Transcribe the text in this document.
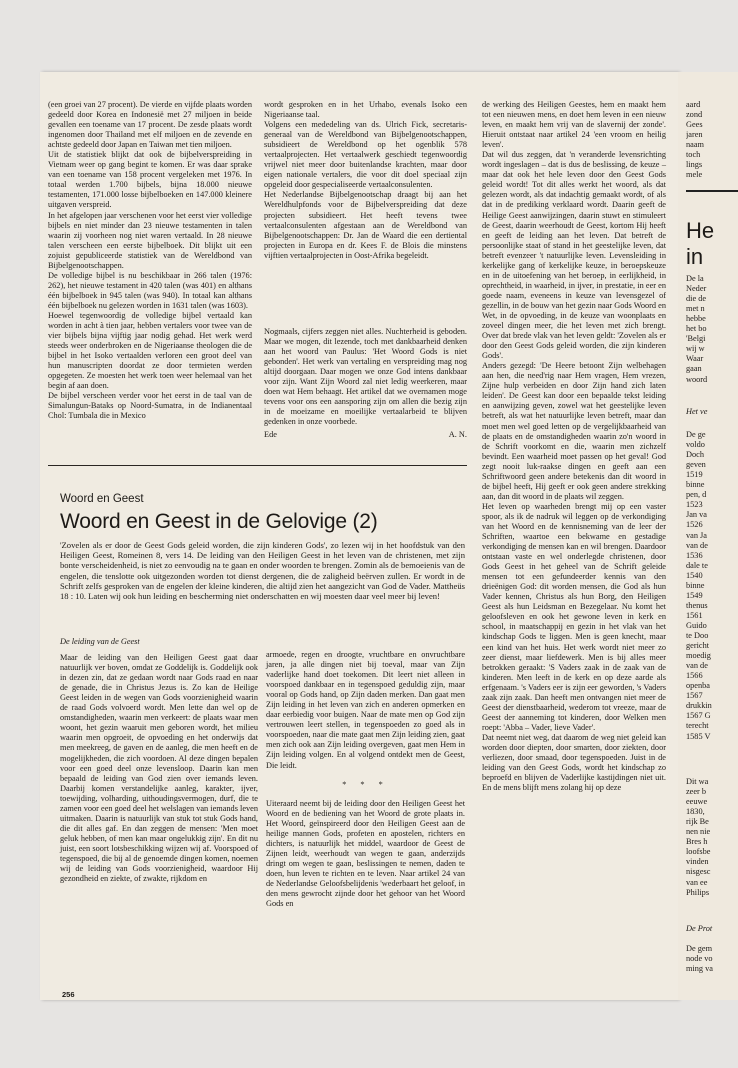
(een groei van 27 procent). De vierde en vijfde plaats worden gedeeld door Korea en Indonesië met 27 miljoen in beide gevallen een toename van 17 procent. De zesde plaats wordt ingenomen door Thailand met elf miljoen en de zevende en achtste gedeeld door Japan en Taiwan met tien miljoen.

Uit de statistiek blijkt dat ook de bijbelverspreiding in Vietnam weer op gang begint te komen. Er was daar sprake van een toename van 158 procent vergeleken met 1976. In totaal werden 1.700 bijbels, bijna 18.000 nieuwe testamenten, 171.000 losse bijbelboeken en 147.000 kleinere uitgaven verspreid.

In het afgelopen jaar verschenen voor het eerst vier volledige bijbels en niet minder dan 23 nieuwe testamenten in talen waarin zij voorheen nog niet waren vertaald. In 28 nieuwe talen verscheen een eerste bijbelboek. Dit blijkt uit een zojuist gepubliceerde statistiek van de Wereldbond van Bijbelgenootschappen.

De volledige bijbel is nu beschikbaar in 266 talen (1976: 262), het nieuwe testament in 420 talen (was 401) en althans één bijbelboek in 945 talen (was 940). In totaal kan althans één bijbelboek nu gelezen worden in 1631 talen (was 1603).

Hoewel tegenwoordig de volledige bijbel vertaald kan worden in acht à tien jaar, hebben vertalers voor twee van de vier bijbels bijna vijftig jaar nodig gehad. Het werk werd steeds weer onderbroken en de Nigeriaanse theologen die de bijbel in het Isoko vertaalden verloren een groot deel van hun manuscripten doordat ze door termieten werden opgegeten. Ze moesten het werk toen weer helemaal van het begin af aan doen.

De bijbel verscheen verder voor het eerst in de taal van de Simalungun-Bataks op Noord-Sumatra, in de Indianentaal Chol: Tumbala die in Mexico

wordt gesproken en in het Urhabo, evenals Isoko een Nigeriaanse taal.

Volgens een mededeling van ds. Ulrich Fick, secretaris-generaal van de Wereldbond van Bijbelgenootschappen, subsidieert de Wereldbond op het ogenblik 578 vertaalprojecten. Het vertaalwerk geschiedt tegenwoordig vrijwel niet meer door buitenlandse krachten, maar door eigen nationale vertalers, die voor dit doel speciaal zijn opgeleid door gespecialiseerde vertaalconsulenten.

Het Nederlandse Bijbelgenootschap draagt bij aan het Wereldhulpfonds voor de Bijbelverspreiding dat deze projecten subsidieert. Het heeft tevens twee vertaalconsulenten afgestaan aan de Wereldbond van Bijbelgenootschappen: Dr. Jan de Waard die een dertiental projecten in Europa en dr. Kees F. de Blois die minstens vijftien vertaalprojecten in Oost-Afrika begeleidt.

Nogmaals, cijfers zeggen niet alles. Nuchterheid is geboden. Maar we mogen, dit lezende, toch met dankbaarheid denken aan het woord van Paulus: 'Het Woord Gods is niet gebonden'. Het werk van vertaling en verspreiding mag nog altijd doorgaan. Daar mogen we onze God intens dankbaar voor zijn. Want Zijn Woord zal niet ledig weerkeren, maar doen wat Hem behaagt. Het artikel dat we overnamen moge tevens voor ons een aansporing zijn om allen die bezig zijn in de moeizame en moeilijke vertaalarbeid te blijven gedenken in onze voorbede.

Ede	A. N.
Woord en Geest
Woord en Geest in de Gelovige (2)
'Zovelen als er door de Geest Gods geleid worden, die zijn kinderen Gods', zo lezen wij in het hoofdstuk van den Heiligen Geest, Romeinen 8, vers 14. De leiding van den Heiligen Geest in het leven van de christenen, met zijn bonte verscheidenheid, is niet zo eenvoudig na te gaan en onder woorden te brengen. Zomin als de bemoeienis van de engelen, die tenslotte ook uitgezonden worden tot dienst dergenen, die de zaligheid beërven zullen. Er wordt in de Schrift zelfs gesproken van de engelen der kleine kinderen, die altijd zien het aangezicht van God de Vader. Mattheüs 18 : 10. Laten wij ook hun leiding en bescherming niet onderschatten en wij moesten daar veel meer bij leven!

De leiding van de Geest

Maar de leiding van den Heiligen Geest gaat daar natuurlijk ver boven, omdat ze Goddelijk is. Goddelijk ook in dezen zin, dat ze gedaan wordt naar Gods raad en naar de genade, die in Christus Jezus is. Zo kan de Heilige Geest leiden in de wegen van Gods voorzienigheid waarin de raad Gods volvoerd wordt. Men lette dan wel op de omstandigheden, waarin men verkeert: de plaats waar men woont, het gezin waaruit men geboren wordt, het milieu waarin men opgroeit, de opvoeding en het onderwijs dat men meekreeg, de gaven en de aanleg, die men heeft en de mogelijkheden, die zich voordoen. Al deze dingen bepalen voor een goed deel onze levensloop. Daarin kan men bepaald de leiding van God zien over iemands leven. Daarbij komen verstandelijke aanleg, karakter, ijver, toewijding, volharding, uithoudingsvermogen, durf, die te zamen voor een goed deel het welslagen van iemands leven uitmaken. Daarin is natuurlijk van stuk tot stuk Gods hand, die dit alles gaf. En dan zeggen de mensen: 'Men moet geluk hebben, of men kan maar ongelukkig zijn'. En dit nu juist, een soort lotsbeschikking wijzen wij af. Voorspoed of tegenspoed, die bij al de genoemde dingen komen, noemen wij de leiding van Gods voorzienigheid, waardoor Hij gezondheid en ziekte, of zwakte, rijkdom en

armoede, regen en droogte, vruchtbare en onvruchtbare jaren, ja alle dingen niet bij toeval, maar van Zijn vaderlijke hand doet toekomen. Dit leert niet alleen in voorspoed dankbaar en in tegenspoed geduldig zijn, maar vooral op Gods hand, op Zijn daden merken. Dan gaat men Zijn leiding in het leven van zich en anderen opmerken en daar eerbiedig voor buigen. Naar de mate men op God zijn vertrouwen leert stellen, in tegenspoeden zo goed als in voorspoeden, naar die mate gaat men Zijn leiding zien, gaat men zich ook aan Zijn leiding overgeven, gaat men Hem in Zijn leiding volgen. En al volgend ontdekt men de Geest, Die leidt.

* * *

Uiteraard neemt bij de leiding door den Heiligen Geest het Woord en de bediening van het Woord de grote plaats in. Het Woord, geïnspireerd door den Heiligen Geest aan de heilige mannen Gods, profeten en apostelen, richters en dichters, is natuurlijk het middel, waardoor de Geest de Zijnen leidt, weerhoudt van wegen te gaan, anderzijds dringt om wegen te gaan, beslissingen te nemen, daden te doen, hun leven te richten en te leven. Naar artikel 24 van de Nederlandse Geloofsbelijdenis 'wederbaart het geloof, in den mens gewrocht zijnde door het gehoor van het Woord Gods en

de werking des Heiligen Geestes, hem en maakt hem tot een nieuwen mens, en doet hem leven in een nieuw leven, en maakt hem vrij van de slavernij der zonde'. Hieruit ontstaat naar artikel 24 'een vroom en heilig leven'.

Dat wil dus zeggen, dat 'n veranderde levensrichting wordt ingeslagen – dat is dus de beslissing, de keuze – maar dat ook het hele leven door den Geest Gods geleid wordt! Tot dit alles werkt het woord, als dat gelezen wordt, als dat indachtig gemaakt wordt, of als dat in de prediking verklaard wordt. Daarin geeft de Heilige Geest aanwijzingen, daarin stuwt en stimuleert de Geest, daarin weerhoudt de Geest, kortom Hij heeft en geeft de leiding aan het leven. Dat betreft de persoonlijke staat of stand in het geestelijke leven, dat betreft evenzeer 't natuurlijke leven. Levensleiding in kerkelijke gang of kerkelijke keuze, in beroepskeuze en in de uitoefening van het beroep, in eerlijkheid, in oprechtheid, in waarheid, in ijver, in prestatie, in eer en goede naam, eveneens in keuze van levensgezel of gezellin, in de bouw van het gezin naar Gods Woord en Wet, in de opvoeding, in de keuze van woonplaats en zoveel dingen meer, die het leven met zich brengt. Over dat brede vlak van het leven geldt: 'Zovelen als er door den Geest Gods geleid worden, die zijn kinderen Gods'.

Anders gezegd: 'De Heere betoont Zijn welbehagen aan hen, die need'rig naar Hem vragen, Hem vrezen, Zijne hulp verbeiden en door Zijn hand zich laten leiden'. De Geest kan door een bepaalde tekst leiding en aanwijzing geven, zowel wat het geestelijke leven betreft, als wat het natuurlijke leven betreft, maar dan moet men wel goed letten op de vergelijkbaarheid van de plaats en de omstandigheden waarin zo'n woord in de Schrift voorkomt en die, waarin men zichzelf bevindt. Een waarheid moet passen op het geval! God zegt nooit luk-raakse dingen en geeft aan een Schriftwoord geen andere betekenis dan dit woord in de bijbel heeft, Hij geeft er ook geen andere strekking aan, dan dit woord in de plaats wil zeggen.

Het leven op waarheden brengt mij op een vaster spoor, als ik de nadruk wil leggen op de verkondiging van het Woord en de kennisneming van de leer der Schriften, waartoe een bekwame en gestadige verkondiging de mensen kan en wil brengen. Daardoor ontstaan vaste en wel onderlegde christenen, door Gods Geest in het geheel van de Schrift geleide mensen tot een gefundeerder kennis van den drieënigen God: dit worden mensen, die God als hun Vader kennen, Christus als hun Borg, den Heiligen Geest als hun Leidsman en Bezegelaar. Nu komt het geloofsleven en ook het gewone leven in kerk en school, in maatschappij en gezin in het vlak van het kindschap Gods te liggen. Men is geen knecht, maar een kind van het huis. Het werk wordt niet meer zo zeer dienst, maar liefdewerk. Men is bij alles meer betrokken geraakt: 'S Vaders zaak in de zaak van de kinderen. Men leeft in de kerk en op deze aarde als erfgenaam. 's Vaders eer is zijn eer geworden, 's Vaders zaak zijn zaak. Dan heeft men ontvangen niet meer de Geest der dienstbaarheid, wederom tot vreeze, maar de Geest der aanneming tot kinderen, door Welken men roept: 'Abba – Vader, lieve Vader'.

Dat neemt niet weg, dat daarom de weg niet geleid kan worden door diepten, door smarten, door ziekten, door verliezen, door smaad, door tegenspoeden. Juist in de leiding van den Geest Gods, wordt het kindschap zo beproefd en blijven de Vaderlijke kastijdingen niet uit. En de mens blijft mens zolang hij op deze

256
aard
zond
Gees
jaren
naam
toch
lings
mele
He
in
De la
Neder
die de
met n
hebbe
het bo
'Belgi
wij w
Waar
gaan
woord
Het ve
De ge
voldo
Doch
geven
1519
binne
pen, d
1523
Jan va
1526
van Ja
van de
1536
dale te
1540
binne
1549
thenus
1561
Guido
te Doo
gericht
moedig
van de
1566
openba
1567
drukkin
1567 G
terecht
1585 V
Dit wa
zeer b
eeuwe
1830,
rijk Be
nen nie
Bres h
loofsbe
vinden
nisgesc
van ee
Philips
De Prot
De gem
node vo
ming va
